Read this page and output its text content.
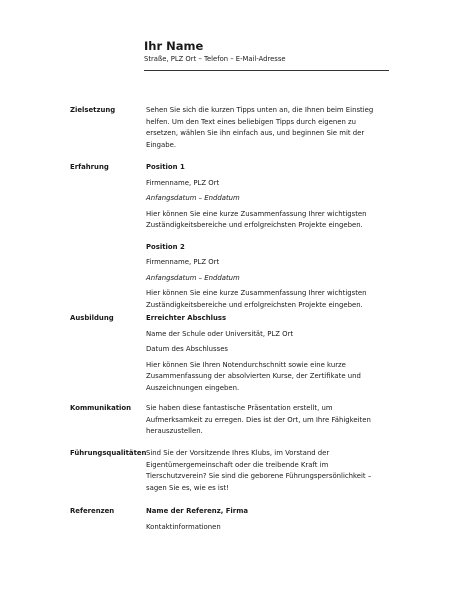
Ihr Name
Straße, PLZ Ort – Telefon – E-Mail-Adresse
Zielsetzung	Sehen Sie sich die kurzen Tipps unten an, die Ihnen beim Einstieg helfen. Um den Text eines beliebigen Tipps durch eigenen zu ersetzen, wählen Sie ihn einfach aus, und beginnen Sie mit der Eingabe.

Erfahrung	Position 1

Firmenname, PLZ Ort

Anfangsdatum – Enddatum

Hier können Sie eine kurze Zusammenfassung Ihrer wichtigsten Zuständigkeitsbereiche und erfolgreichsten Projekte eingeben.

Position 2

Firmenname, PLZ Ort

Anfangsdatum – Enddatum

Hier können Sie eine kurze Zusammenfassung Ihrer wichtigsten Zuständigkeitsbereiche und erfolgreichsten Projekte eingeben.

Ausbildung	Erreichter Abschluss

Name der Schule oder Universität, PLZ Ort

Datum des Abschlusses

Hier können Sie Ihren Notendurchschnitt sowie eine kurze Zusammenfassung der absolvierten Kurse, der Zertifikate und Auszeichnungen eingeben.

Kommunikation	Sie haben diese fantastische Präsentation erstellt, um Aufmerksamkeit zu erregen. Dies ist der Ort, um Ihre Fähigkeiten herauszustellen.

Führungsqualitäten Sind Sie der Vorsitzende Ihres Klubs, im Vorstand der Eigentümergemeinschaft oder die treibende Kraft im Tierschutzverein? Sie sind die geborene Führungspersönlichkeit – sagen Sie es, wie es ist!

Referenzen	Name der Referenz, Firma

Kontaktinformationen
